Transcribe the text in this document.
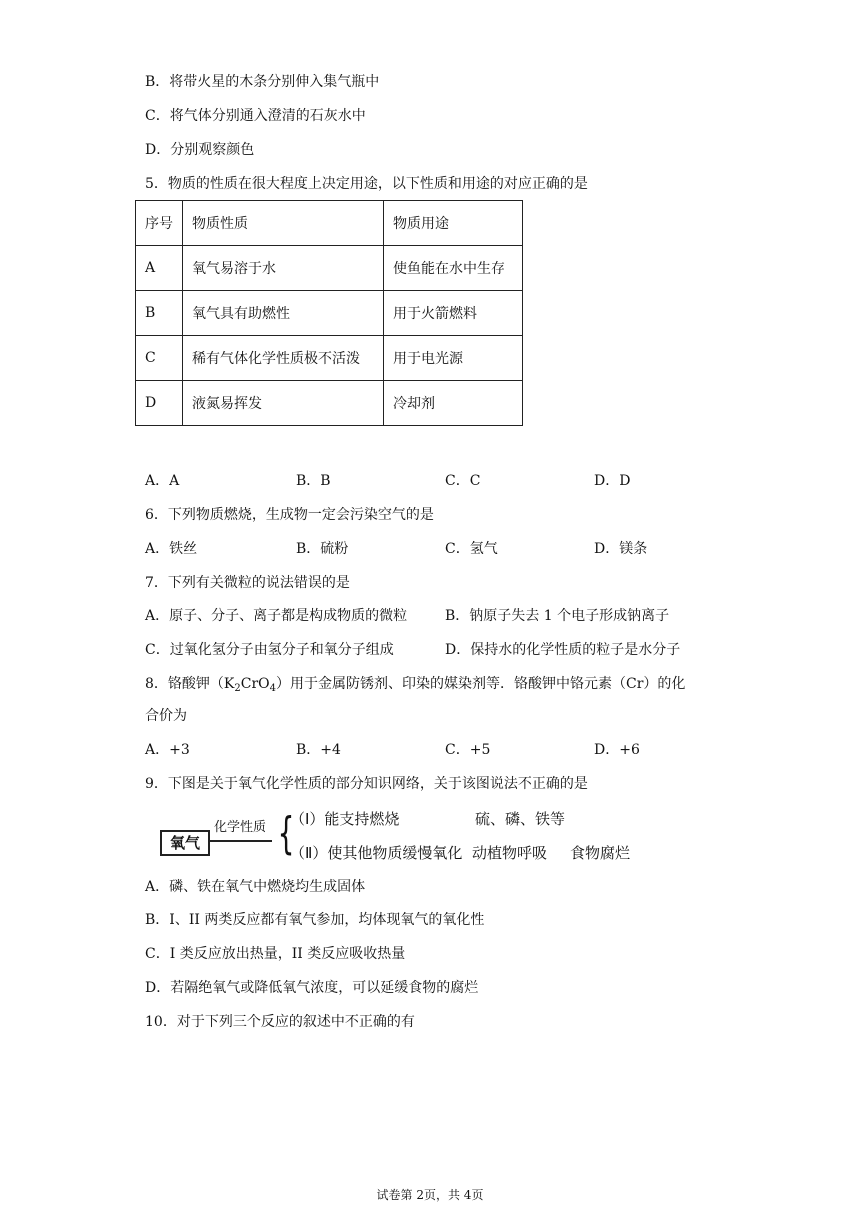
B．将带火星的木条分别伸入集气瓶中
C．将气体分别通入澄清的石灰水中
D．分别观察颜色
5．物质的性质在很大程度上决定用途，以下性质和用途的对应正确的是
序号	物质性质	物质用途
A	氧气易溶于水	使鱼能在水中生存
B	氧气具有助燃性	用于火箭燃料
C	稀有气体化学性质极不活泼	用于电光源
D	液氮易挥发	冷却剂
A．A	B．B	C．C	D．D
6．下列物质燃烧，生成物一定会污染空气的是
A．铁丝	B．硫粉	C．氢气	D．镁条
7．下列有关微粒的说法错误的是
A．原子、分子、离子都是构成物质的微粒	B．钠原子失去 1 个电子形成钠离子
C．过氧化氢分子由氢分子和氧分子组成	D．保持水的化学性质的粒子是水分子
8．铬酸钾$(K_2CrO_4)$用于金属防锈剂、印染的媒染剂等．铬酸钾中铬元素（Cr）的化
合价为
A．+3	B．+4	C．+5	D．+6
9．下图是关于氧气化学性质的部分知识网络，关于该图说法不正确的是
氧气
化学性质 {
（Ⅰ）能支持燃烧	硫、磷、铁等
（Ⅱ）使其他物质缓慢氧化 动植物呼吸 食物腐烂
A．磷、铁在氧气中燃烧均生成固体
B．I、II 两类反应都有氧气参加，均体现氧气的氧化性
C．I 类反应放出热量，II 类反应吸收热量
D．若隔绝氧气或降低氧气浓度，可以延缓食物的腐烂
10．对于下列三个反应的叙述中不正确的有
试卷第 2页，共 4页
